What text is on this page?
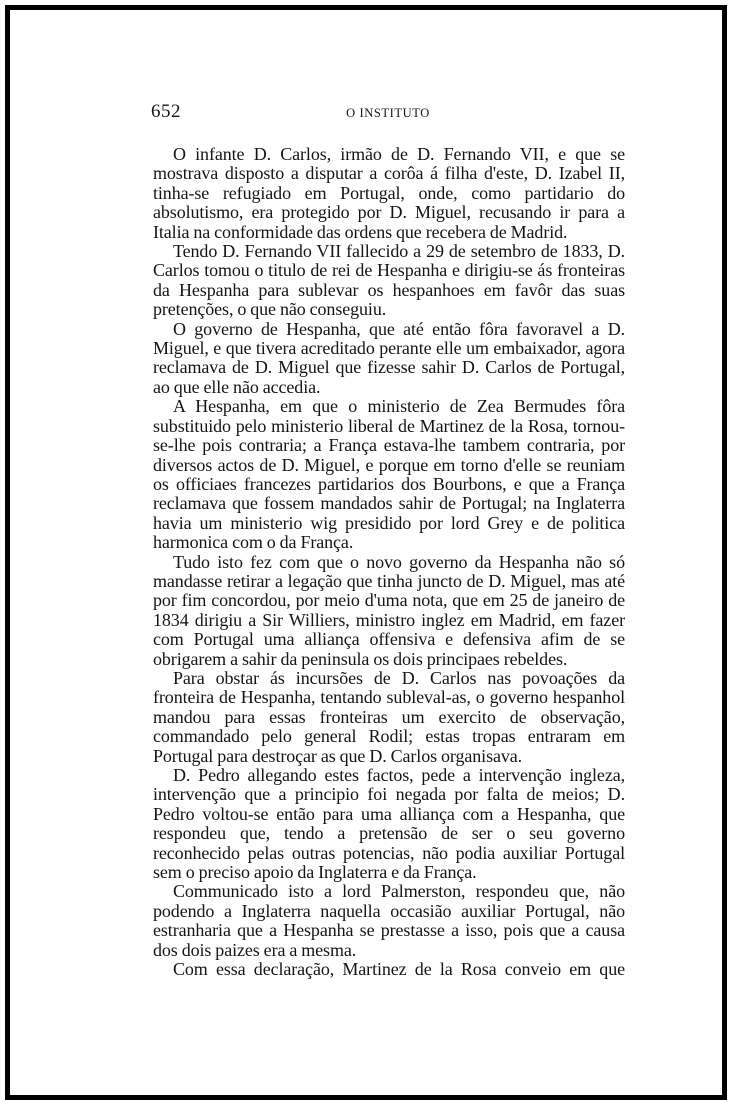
652	O INSTITUTO

O infante D. Carlos, irmão de D. Fernando VII, e que se mostrava disposto a disputar a corôa á filha d'este, D. Izabel II, tinha-se refugiado em Portugal, onde, como partidario do absolutismo, era protegido por D. Miguel, recusando ir para a Italia na conformidade das ordens que recebera de Madrid.

Tendo D. Fernando VII fallecido a 29 de setembro de 1833, D. Carlos tomou o titulo de rei de Hespanha e dirigiu-se ás fronteiras da Hespanha para sublevar os hespanhoes em favôr das suas pretenções, o que não conseguiu.

O governo de Hespanha, que até então fôra favoravel a D. Miguel, e que tivera acreditado perante elle um embaixador, agora reclamava de D. Miguel que fizesse sahir D. Carlos de Portugal, ao que elle não accedia.

A Hespanha, em que o ministerio de Zea Bermudes fôra substituido pelo ministerio liberal de Martinez de la Rosa, tornou-se-lhe pois contraria; a França estava-lhe tambem contraria, por diversos actos de D. Miguel, e porque em torno d'elle se reuniam os officiaes francezes partidarios dos Bourbons, e que a França reclamava que fossem mandados sahir de Portugal; na Inglaterra havia um ministerio wig presidido por lord Grey e de politica harmonica com o da França.

Tudo isto fez com que o novo governo da Hespanha não só mandasse retirar a legação que tinha juncto de D. Miguel, mas até por fim concordou, por meio d'uma nota, que em 25 de janeiro de 1834 dirigiu a Sir Williers, ministro inglez em Madrid, em fazer com Portugal uma alliança offensiva e defensiva afim de se obrigarem a sahir da peninsula os dois principaes rebeldes.

Para obstar ás incursões de D. Carlos nas povoações da fronteira de Hespanha, tentando subleval-as, o governo hespanhol mandou para essas fronteiras um exercito de observação, commandado pelo general Rodil; estas tropas entraram em Portugal para destroçar as que D. Carlos organisava.

D. Pedro allegando estes factos, pede a intervenção ingleza, intervenção que a principio foi negada por falta de meios; D. Pedro voltou-se então para uma alliança com a Hespanha, que respondeu que, tendo a pretensão de ser o seu governo reconhecido pelas outras potencias, não podia auxiliar Portugal sem o preciso apoio da Inglaterra e da França.

Communicado isto a lord Palmerston, respondeu que, não podendo a Inglaterra naquella occasião auxiliar Portugal, não estranharia que a Hespanha se prestasse a isso, pois que a causa dos dois paizes era a mesma.

Com essa declaração, Martinez de la Rosa conveio em que
